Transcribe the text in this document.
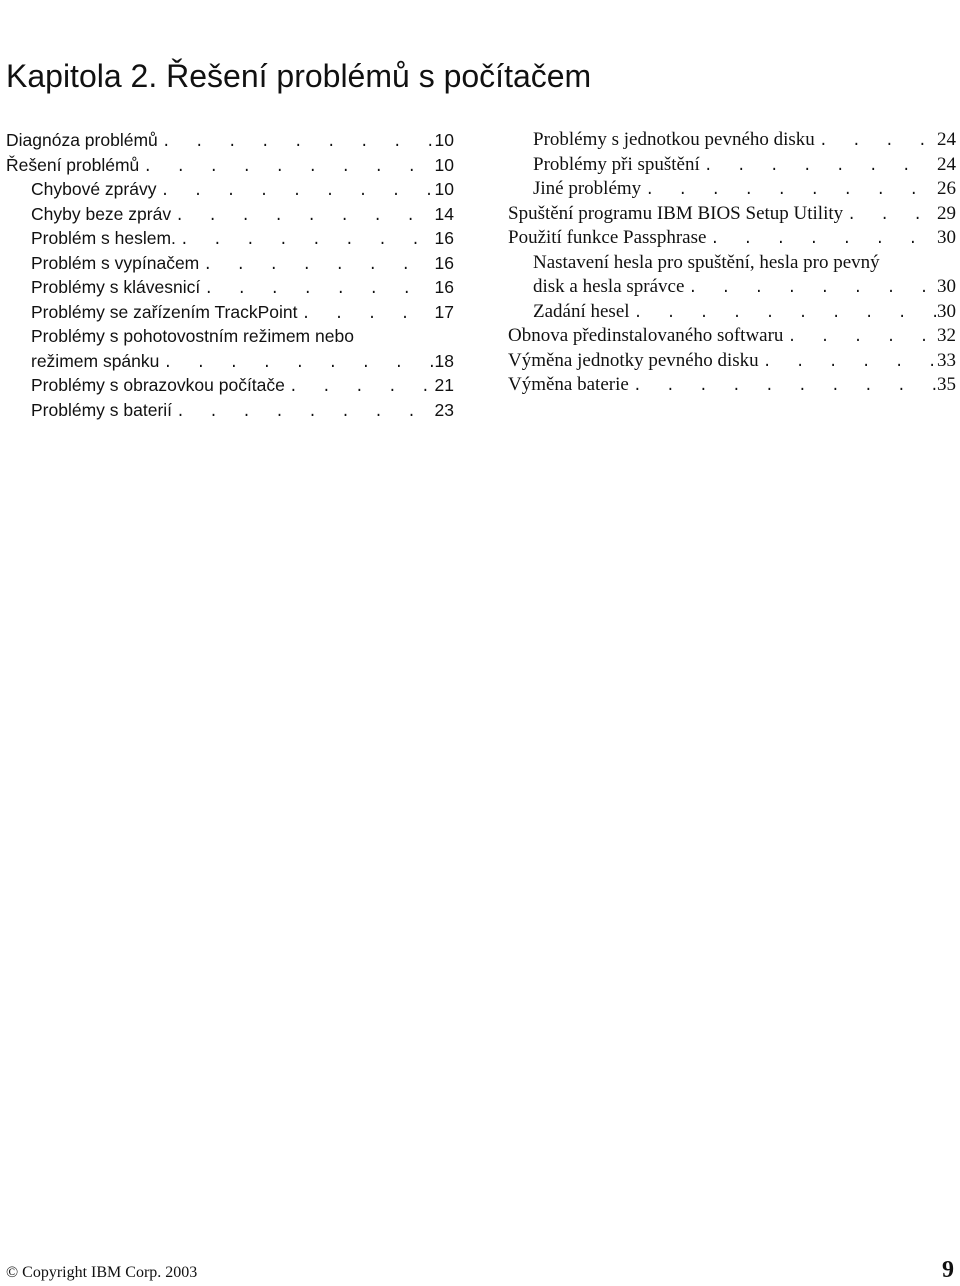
Kapitola 2. Řešení problémů s počítačem
Diagnóza problémů . . .	10
Řešení problémů . . .	10
Chybové zprávy . . .	10
Chyby beze zpráv . . .	14
Problém s heslem. . . .	16
Problém s vypínačem . . .	16
Problémy s klávesnicí . . .	16
Problémy se zařízením TrackPoint . . .	17
Problémy s pohotovostním režimem nebo
režimem spánku . . .	18
Problémy s obrazovkou počítače . . .	21
Problémy s baterií . . .	23
Problémy s jednotkou pevného disku . . .	24
Problémy při spuštění . . .	24
Jiné problémy . . .	26
Spuštění programu IBM BIOS Setup Utility . . .	29
Použití funkce Passphrase . . .	30
Nastavení hesla pro spuštění, hesla pro pevný
disk a hesla správce . . .	30
Zadání hesel . . .	30
Obnova předinstalovaného softwaru . . .	32
Výměna jednotky pevného disku . . .	33
Výměna baterie . . .	35
© Copyright IBM Corp. 2003	9
